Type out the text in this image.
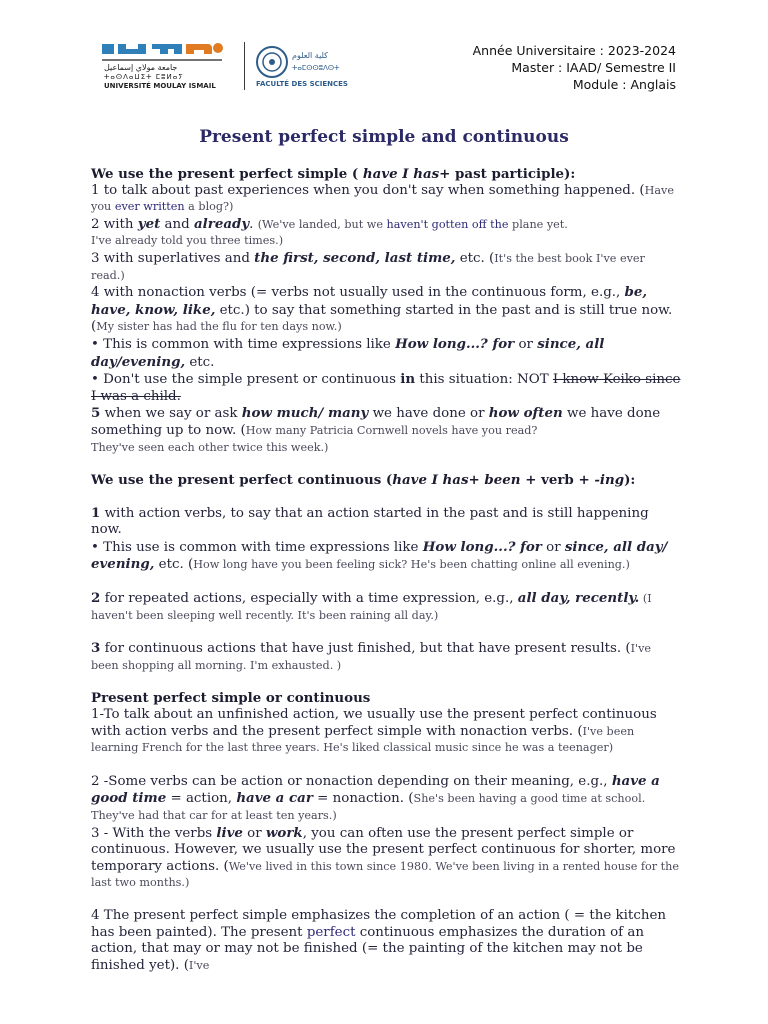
ﺟﺎﻣﻌﺔ ﻣﻮﻻﻱ ﺇﺳﻤﺎﻋﻴﻞ
ⵜⴰⵙⴷⴰⵡⵉⵜ ⵎⵓⵍⴰⵢ
UNIVERSITÉ MOULAY ISMAIL
ﻛﻠﻴﺔ ﺍﻟﻌﻠﻮﻡ
ⵜⴰⵎⵙⵙⵓⴷⵙⵜ
FACULTÉ DES SCIENCES
Année Universitaire : 2023-2024
Master : IAAD/ Semestre II
Module : Anglais
Present perfect simple and continuous

We use the present perfect simple ( have I has+ past participle):

1 to talk about past experiences when you don't say when something happened. (Have you ever written a blog?)

2 with yet and already. (We've landed, but we haven't gotten off the plane yet.

I've already told you three times.)

3 with superlatives and the first, second, last time, etc. (It's the best book I've ever read.)

4 with nonaction verbs (= verbs not usually used in the continuous form, e.g., be, have, know, like, etc.) to say that something started in the past and is still true now. (My sister has had the flu for ten days now.)

• This is common with time expressions like How long...? for or since, all day/evening, etc.

• Don't use the simple present or continuous in this situation: NOT I know Keiko since I was a child.

5 when we say or ask how much/ many we have done or how often we have done something up to now. (How many Patricia Cornwell novels have you read?

They've seen each other twice this week.)

We use the present perfect continuous (have I has+ been + verb + -ing):

1 with action verbs, to say that an action started in the past and is still happening now.

• This use is common with time expressions like How long...? for or since, all day/ evening, etc. (How long have you been feeling sick? He's been chatting online all evening.)

2 for repeated actions, especially with a time expression, e.g., all day, recently. (I haven't been sleeping well recently. It's been raining all day.)

3 for continuous actions that have just finished, but that have present results. (I've been shopping all morning. I'm exhausted. )

Present perfect simple or continuous

1-To talk about an unfinished action, we usually use the present perfect continuous with action verbs and the present perfect simple with nonaction verbs. (I've been learning French for the last three years. He's liked classical music since he was a teenager)

2 -Some verbs can be action or nonaction depending on their meaning, e.g., have a good time = action, have a car = nonaction. (She's been having a good time at school. They've had that car for at least ten years.)

3 - With the verbs live or work, you can often use the present perfect simple or continuous. However, we usually use the present perfect continuous for shorter, more temporary actions. (We've lived in this town since 1980. We've been living in a rented house for the last two months.)

4 The present perfect simple emphasizes the completion of an action ( = the kitchen has been painted). The present perfect continuous emphasizes the duration of an action, that may or may not be finished (= the painting of the kitchen may not be finished yet). (I've
